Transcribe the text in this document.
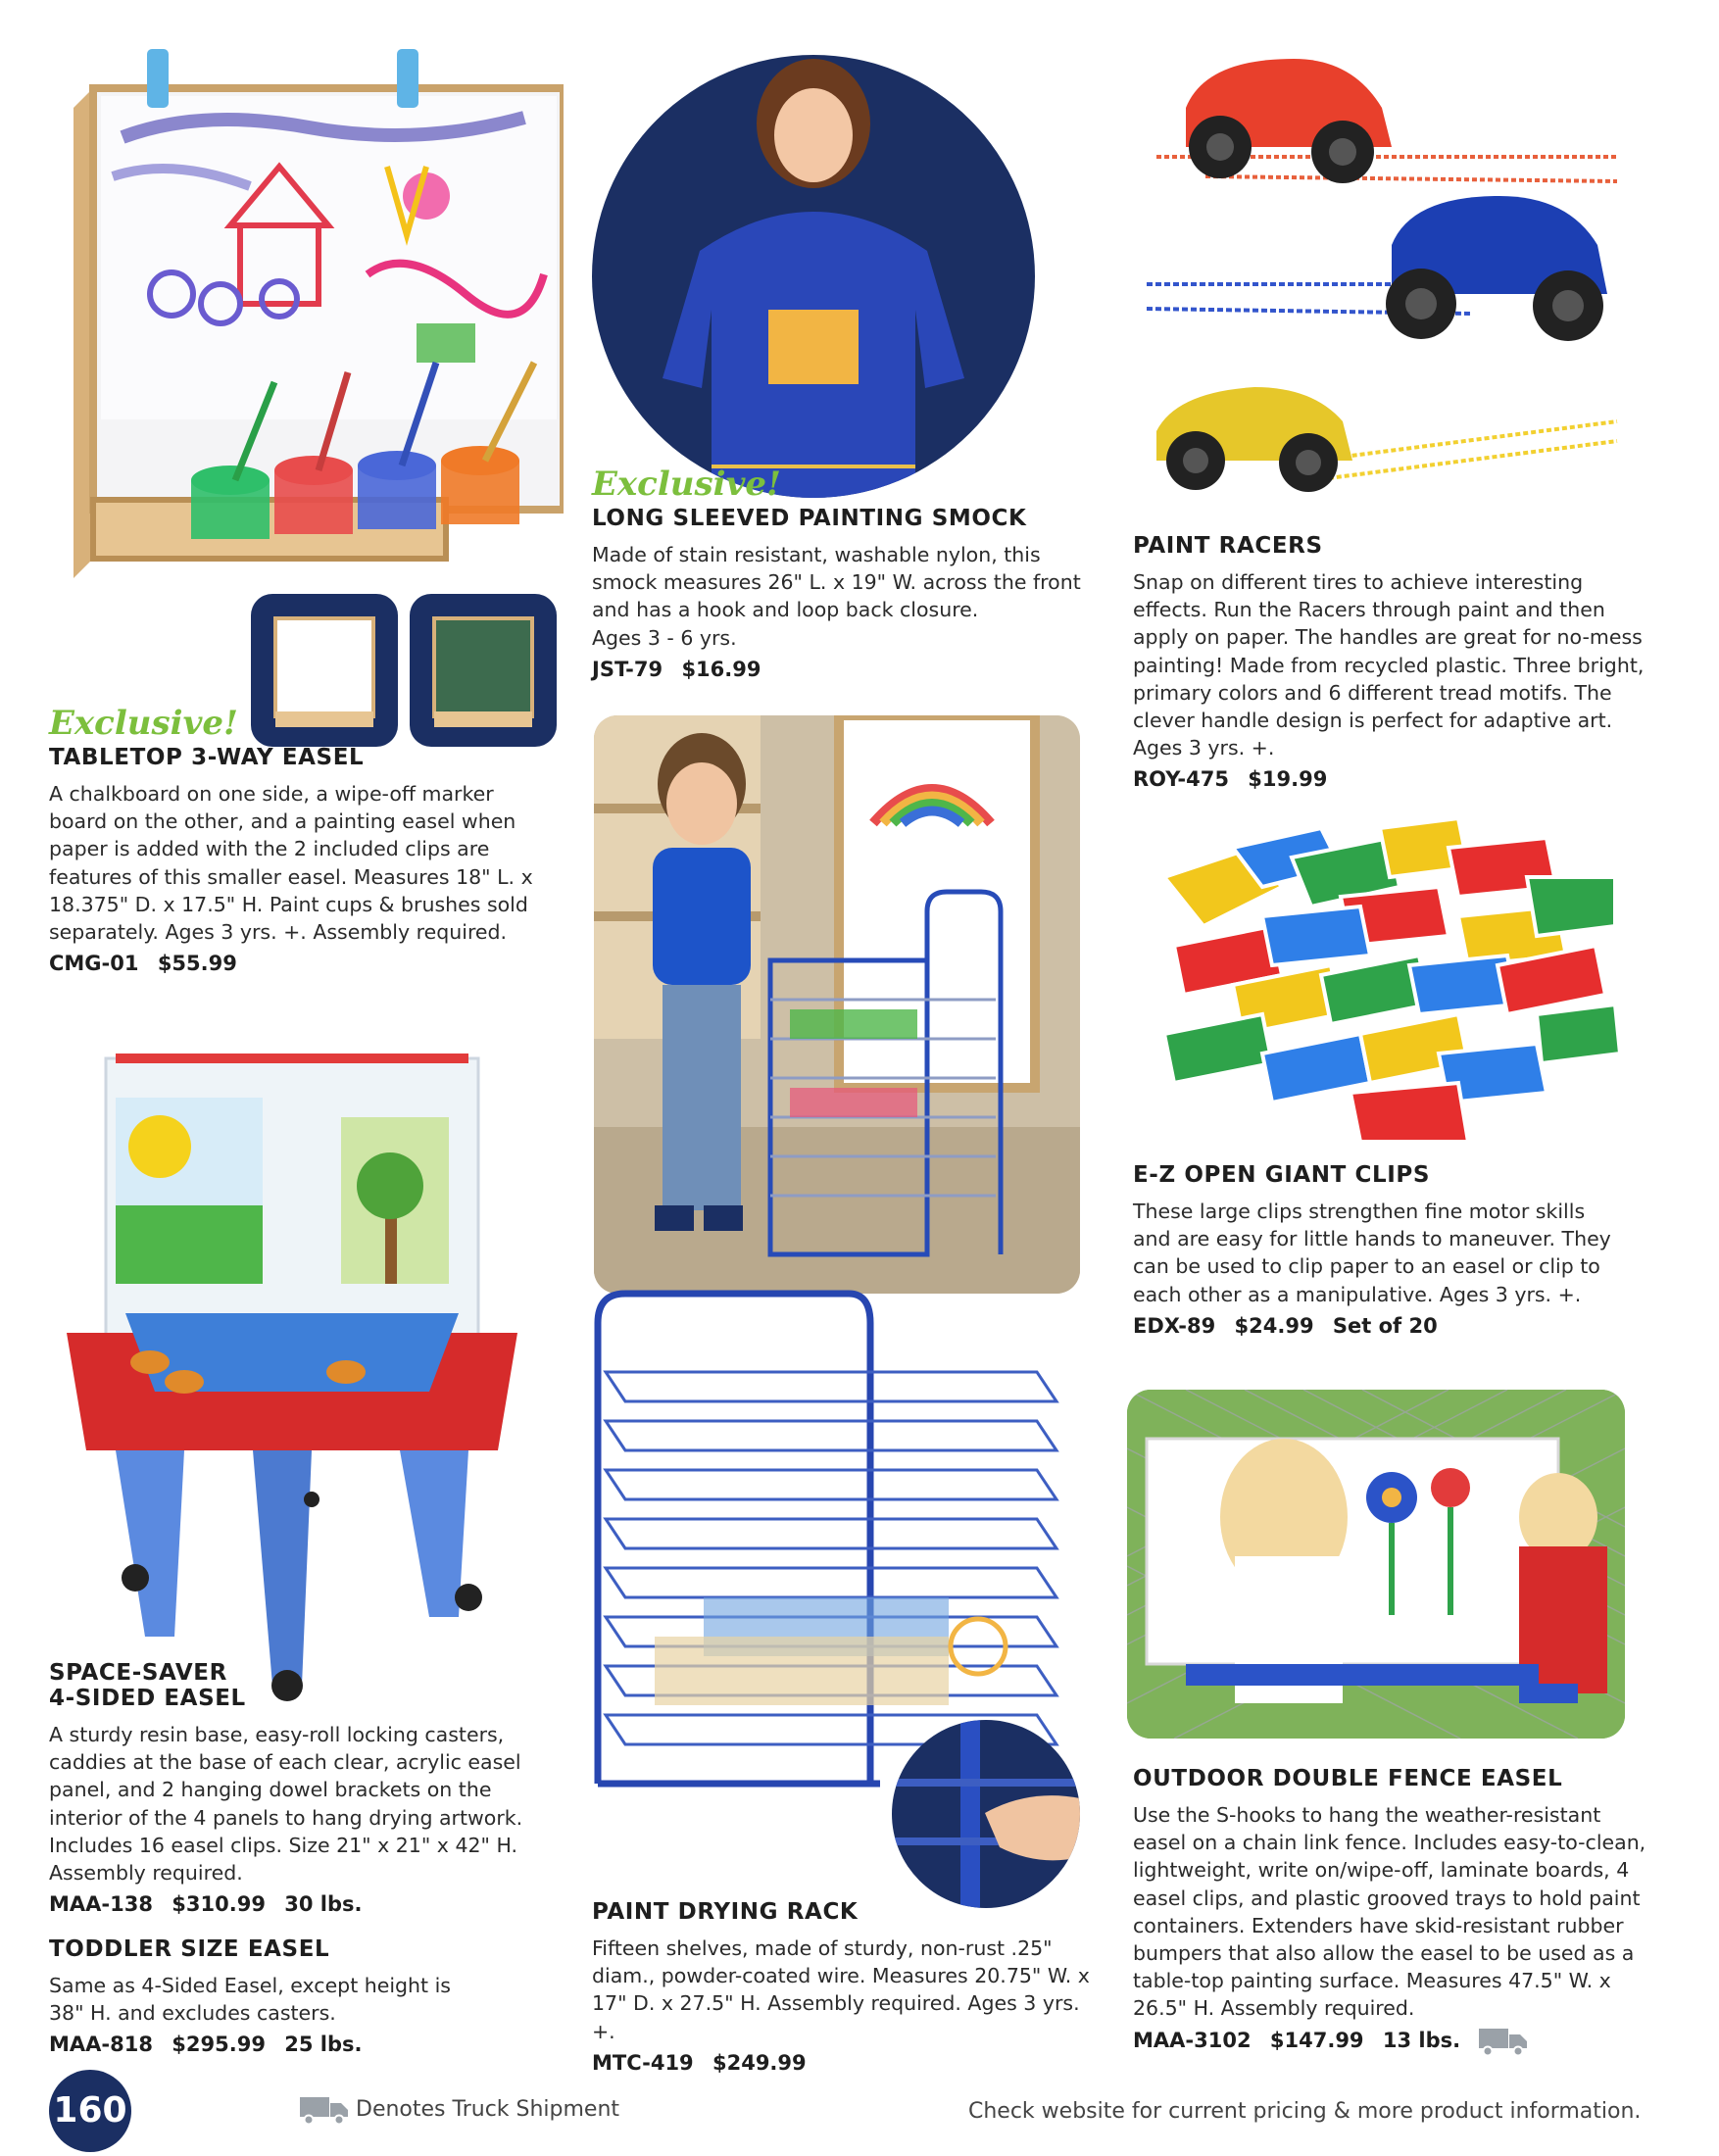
Exclusive!
TABLETOP 3-WAY EASEL
A chalkboard on one side, a wipe-off marker board on the other, and a painting easel when paper is added with the 2 included clips are features of this smaller easel. Measures 18" L. x 18.375" D. x 17.5" H. Paint cups & brushes sold separately. Ages 3 yrs. +. Assembly required.
CMG-01 $55.99
Exclusive!
LONG SLEEVED PAINTING SMOCK
Made of stain resistant, washable nylon, this smock measures 26" L. x 19" W. across the front and has a hook and loop back closure.
Ages 3 - 6 yrs.
JST-79 $16.99
PAINT RACERS
Snap on different tires to achieve interesting effects. Run the Racers through paint and then apply on paper. The handles are great for no-mess painting! Made from recycled plastic. Three bright, primary colors and 6 different tread motifs. The clever handle design is perfect for adaptive art. Ages 3 yrs. +.
ROY-475 $19.99
E-Z OPEN GIANT CLIPS
These large clips strengthen fine motor skills and are easy for little hands to maneuver. They can be used to clip paper to an easel or clip to each other as a manipulative. Ages 3 yrs. +.
EDX-89 $24.99 Set of 20
SPACE-SAVER
4-SIDED EASEL
A sturdy resin base, easy-roll locking casters, caddies at the base of each clear, acrylic easel panel, and 2 hanging dowel brackets on the interior of the 4 panels to hang drying artwork. Includes 16 easel clips. Size 21" x 21" x 42" H. Assembly required.
MAA-138 $310.99 30 lbs.
TODDLER SIZE EASEL
Same as 4-Sided Easel, except height is 38" H. and excludes casters.
MAA-818 $295.99 25 lbs.
PAINT DRYING RACK
Fifteen shelves, made of sturdy, non-rust .25" diam., powder-coated wire. Measures 20.75" W. x 17" D. x 27.5" H. Assembly required. Ages 3 yrs. +.
MTC-419 $249.99
OUTDOOR DOUBLE FENCE EASEL
Use the S-hooks to hang the weather-resistant easel on a chain link fence. Includes easy-to-clean, lightweight, write on/wipe-off, laminate boards, 4 easel clips, and plastic grooved trays to hold paint containers. Extenders have skid-resistant rubber bumpers that also allow the easel to be used as a table-top painting surface. Measures 47.5" W. x 26.5" H. Assembly required.
MAA-3102 $147.99 13 lbs.
160	Denotes Truck Shipment	Check website for current pricing & more product information.
